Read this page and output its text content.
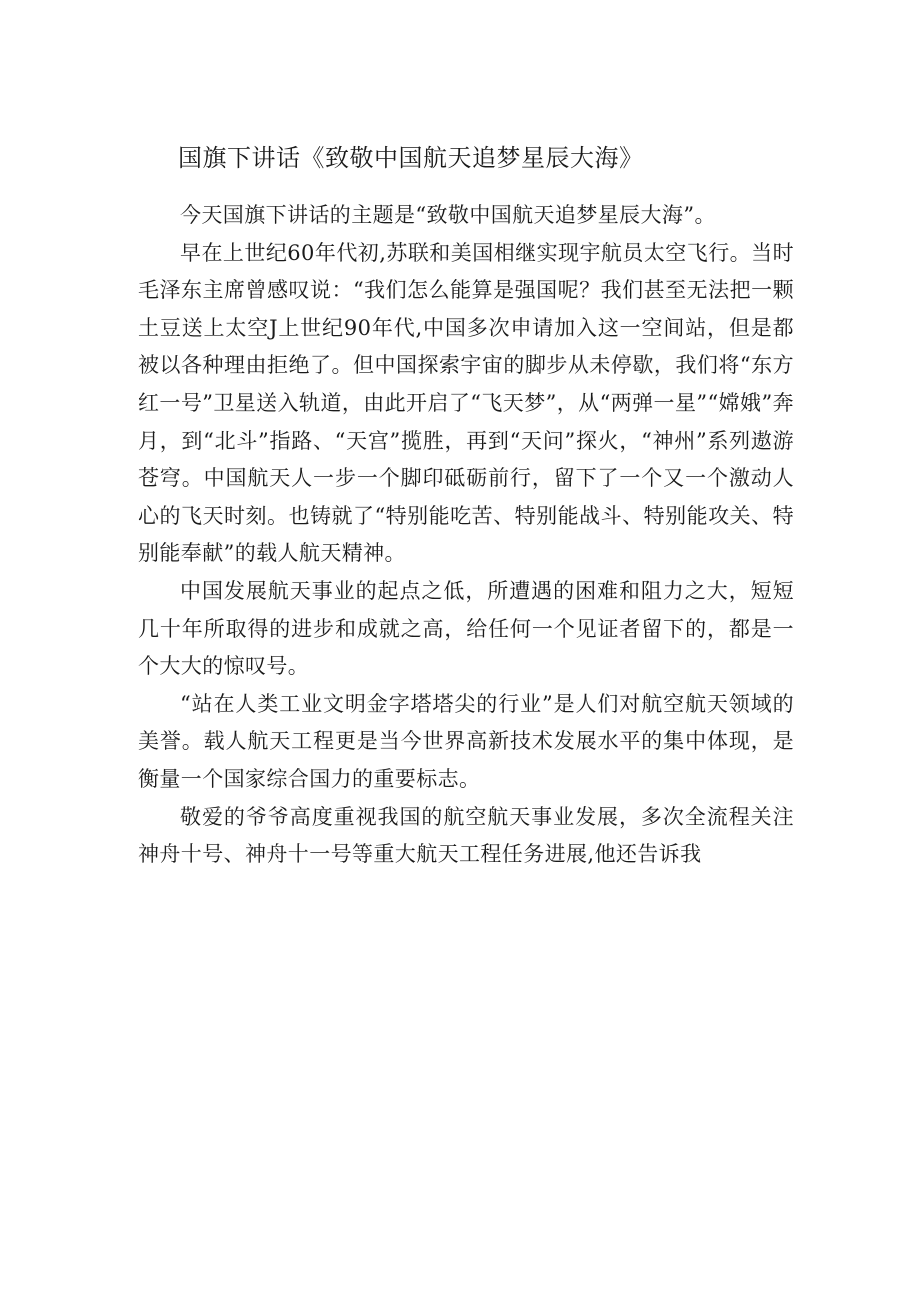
国旗下讲话《致敬中国航天追梦星辰大海》

今天国旗下讲话的主题是“致敬中国航天追梦星辰大海”。

早在上世纪60年代初,苏联和美国相继实现宇航员太空飞行。当时毛泽东主席曾感叹说：“我们怎么能算是强国呢？我们甚至无法把一颗土豆送上太空J上世纪90年代,中国多次申请加入这一空间站，但是都被以各种理由拒绝了。但中国探索宇宙的脚步从未停歇，我们将“东方红一号”卫星送入轨道，由此开启了“飞天梦”，从“两弹一星”“嫦娥”奔月，到“北斗”指路、“天宫”揽胜，再到“天问”探火，“神州”系列遨游苍穹。中国航天人一步一个脚印砥砺前行，留下了一个又一个激动人心的飞天时刻。也铸就了“特别能吃苦、特别能战斗、特别能攻关、特别能奉献”的载人航天精神。

中国发展航天事业的起点之低，所遭遇的困难和阻力之大，短短几十年所取得的进步和成就之高，给任何一个见证者留下的，都是一个大大的惊叹号。

“站在人类工业文明金字塔塔尖的行业”是人们对航空航天领域的美誉。载人航天工程更是当今世界高新技术发展水平的集中体现，是衡量一个国家综合国力的重要标志。

敬爱的爷爷高度重视我国的航空航天事业发展，多次全流程关注神舟十号、神舟十一号等重大航天工程任务进展,他还告诉我
